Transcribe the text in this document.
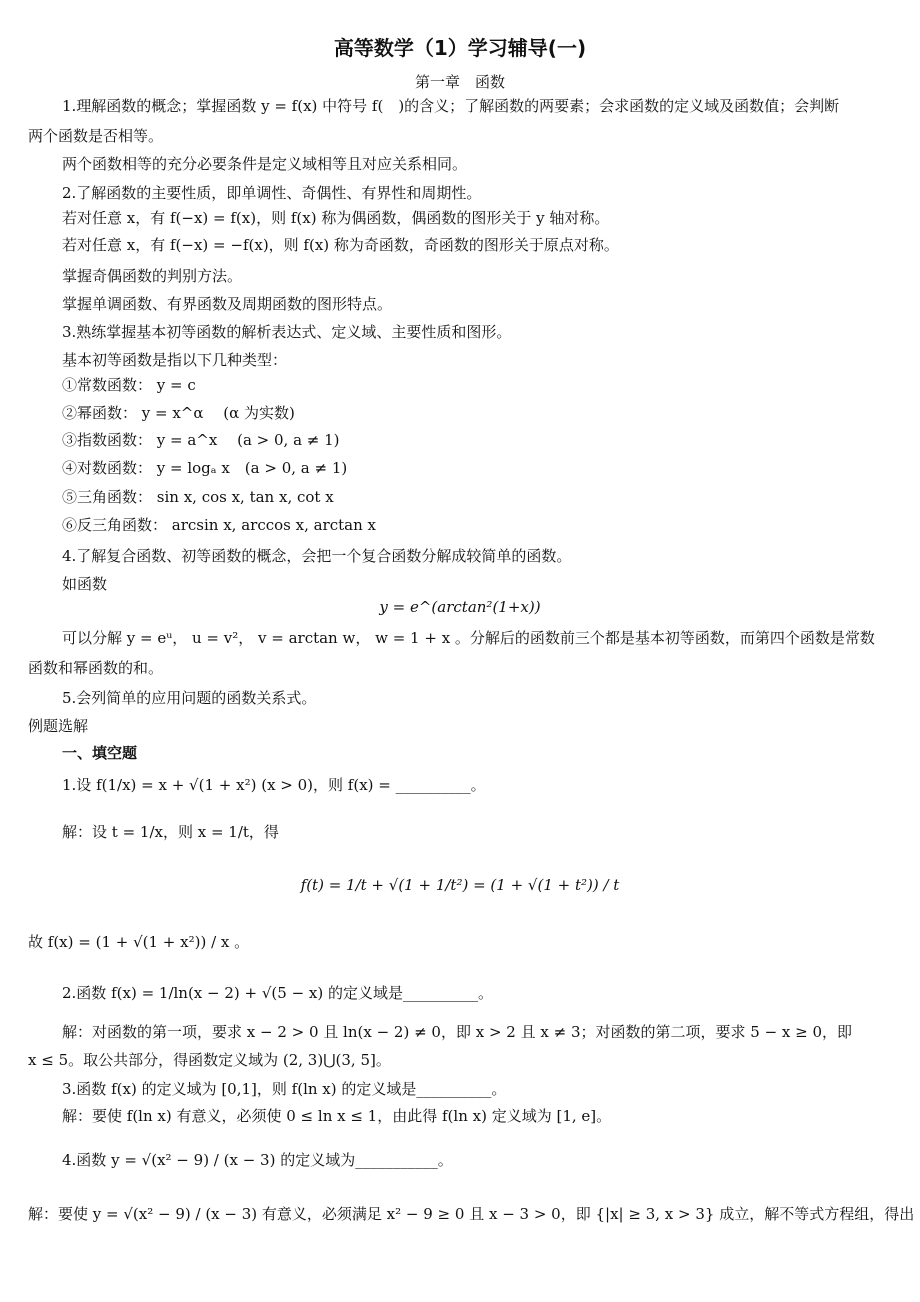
高等数学（1）学习辅导(一)
第一章　函数
1.理解函数的概念；掌握函数 y = f(x) 中符号 f(　)的含义；了解函数的两要素；会求函数的定义域及函数值；会判断
两个函数是否相等。
两个函数相等的充分必要条件是定义域相等且对应关系相同。
2.了解函数的主要性质，即单调性、奇偶性、有界性和周期性。
若对任意 x，有 f(−x) = f(x)，则 f(x) 称为偶函数，偶函数的图形关于 y 轴对称。
若对任意 x，有 f(−x) = −f(x)，则 f(x) 称为奇函数，奇函数的图形关于原点对称。
掌握奇偶函数的判别方法。
掌握单调函数、有界函数及周期函数的图形特点。
3.熟练掌握基本初等函数的解析表达式、定义域、主要性质和图形。
基本初等函数是指以下几种类型：
①常数函数： y = c
②幂函数： y = x^α　 (α 为实数)
③指数函数： y = a^x　 (a > 0, a ≠ 1)
④对数函数： y = logₐ x　(a > 0, a ≠ 1)
⑤三角函数： sin x, cos x, tan x, cot x
⑥反三角函数： arcsin x, arccos x, arctan x
4.了解复合函数、初等函数的概念，会把一个复合函数分解成较简单的函数。
如函数
可以分解 y = eᵘ， u = v²， v = arctan w， w = 1 + x 。分解后的函数前三个都是基本初等函数，而第四个函数是常数
函数和幂函数的和。
5.会列简单的应用问题的函数关系式。
例题选解
1.设 f(1/x) = x + √(1 + x²) (x > 0)，则 f(x) = __________。
解：设 t = 1/x，则 x = 1/t，得
故 f(x) = (1 + √(1 + x²)) / x 。
2.函数 f(x) = 1/ln(x − 2) + √(5 − x) 的定义域是__________。
解：对函数的第一项，要求 x − 2 > 0 且 ln(x − 2) ≠ 0，即 x > 2 且 x ≠ 3；对函数的第二项，要求 5 − x ≥ 0，即
x ≤ 5。取公共部分，得函数定义域为 (2, 3)⋃(3, 5]。
3.函数 f(x) 的定义域为 [0,1]，则 f(ln x) 的定义域是__________。
解：要使 f(ln x) 有意义，必须使 0 ≤ ln x ≤ 1，由此得 f(ln x) 定义域为 [1, e]。
4.函数 y = √(x² − 9) / (x − 3) 的定义域为___________。
解：要使 y = √(x² − 9) / (x − 3) 有意义，必须满足 x² − 9 ≥ 0 且 x − 3 > 0，即 {|x| ≥ 3, x > 3} 成立，解不等式方程组，得出
一、填空题
y = e^(arctan²(1+x))
f(t) = 1/t + √(1 + 1/t²) = (1 + √(1 + t²)) / t
